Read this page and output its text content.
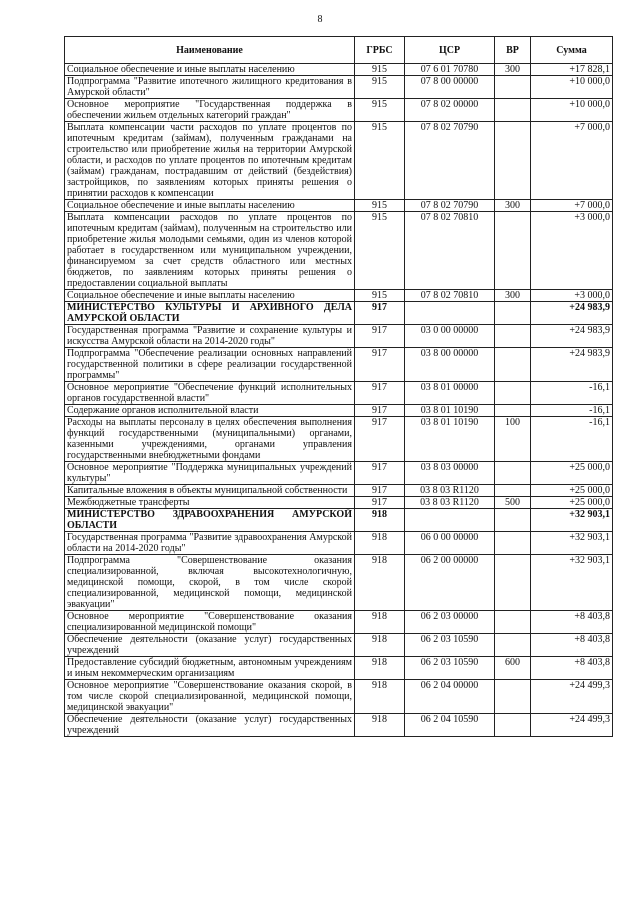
8
Наименование	ГРБС	ЦСР	ВР	Сумма
Социальное обеспечение и иные выплаты населению	915	07 6 01 70780	300	+17 828,1
Подпрограмма "Развитие ипотечного жилищного кредитования в Амурской области"	915	07 8 00 00000		+10 000,0
Основное мероприятие "Государственная поддержка в обеспечении жильем отдельных категорий граждан"	915	07 8 02 00000		+10 000,0
Выплата компенсации части расходов по уплате процентов по ипотечным кредитам (займам), полученным гражданами на строительство или приобретение жилья на территории Амурской области, и расходов по уплате процентов по ипотечным кредитам (займам) гражданам, пострадавшим от действий (бездействия) застройщиков, по заявлениям которых приняты решения о принятии расходов к компенсации	915	07 8 02 70790		+7 000,0
Социальное обеспечение и иные выплаты населению	915	07 8 02 70790	300	+7 000,0
Выплата компенсации расходов по уплате процентов по ипотечным кредитам (займам), полученным на строительство или приобретение жилья молодыми семьями, один из членов которой работает в государственном или муниципальном учреждении, финансируемом за счет средств областного или местных бюджетов, по заявлениям которых приняты решения о предоставлении социальной выплаты	915	07 8 02 70810		+3 000,0
Социальное обеспечение и иные выплаты населению	915	07 8 02 70810	300	+3 000,0
МИНИСТЕРСТВО КУЛЬТУРЫ И АРХИВНОГО ДЕЛА АМУРСКОЙ ОБЛАСТИ	917			+24 983,9
Государственная программа "Развитие и сохранение культуры и искусства Амурской области на 2014-2020 годы"	917	03 0 00 00000		+24 983,9
Подпрограмма "Обеспечение реализации основных направлений государственной политики в сфере реализации государственной программы"	917	03 8 00 00000		+24 983,9
Основное мероприятие "Обеспечение функций исполнительных органов государственной власти"	917	03 8 01 00000		-16,1
Содержание органов исполнительной власти	917	03 8 01 10190		-16,1
Расходы на выплаты персоналу в целях обеспечения выполнения функций государственными (муниципальными) органами, казенными учреждениями, органами управления государственными внебюджетными фондами	917	03 8 01 10190	100	-16,1
Основное мероприятие "Поддержка муниципальных учреждений культуры"	917	03 8 03 00000		+25 000,0
Капитальные вложения в объекты муниципальной собственности	917	03 8 03 R1120		+25 000,0
Межбюджетные трансферты	917	03 8 03 R1120	500	+25 000,0
МИНИСТЕРСТВО ЗДРАВООХРАНЕНИЯ АМУРСКОЙ ОБЛАСТИ	918			+32 903,1
Государственная программа "Развитие здравоохранения Амурской области на 2014-2020 годы"	918	06 0 00 00000		+32 903,1
Подпрограмма "Совершенствование оказания специализированной, включая высокотехнологичную, медицинской помощи, скорой, в том числе скорой специализированной, медицинской помощи, медицинской эвакуации"	918	06 2 00 00000		+32 903,1
Основное мероприятие "Совершенствование оказания специализированной медицинской помощи"	918	06 2 03 00000		+8 403,8
Обеспечение деятельности (оказание услуг) государственных учреждений	918	06 2 03 10590		+8 403,8
Предоставление субсидий бюджетным, автономным учреждениям и иным некоммерческим организациям	918	06 2 03 10590	600	+8 403,8
Основное мероприятие "Совершенствование оказания скорой, в том числе скорой специализированной, медицинской помощи, медицинской эвакуации"	918	06 2 04 00000		+24 499,3
Обеспечение деятельности (оказание услуг) государственных учреждений	918	06 2 04 10590		+24 499,3
